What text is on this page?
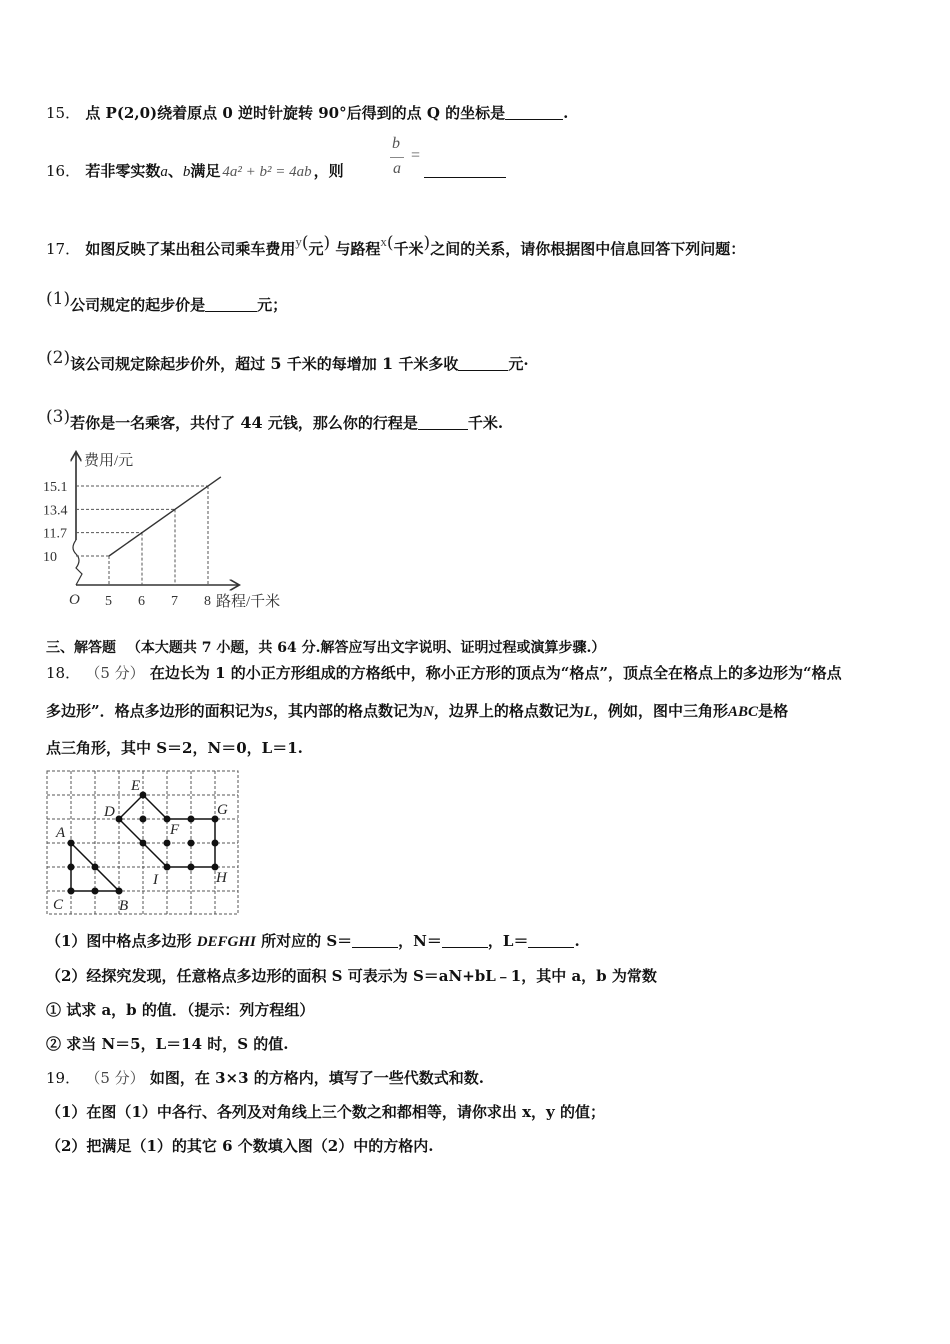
15． 点 P(2,0)绕着原点 0 逆时针旋转 90°后得到的点 Q 的坐标是	.
16． 若非零实数a、b满足 4a² + b² = 4ab ，则
b
a
=
17． 如图反映了某出租公司乘车费用y(元) 与路程x(千米)之间的关系，请你根据图中信息回答下列问题：
(1)公司规定的起步价是	元；
(2)该公司规定除起步价外，超过 5 千米的每增加 1 千米多收	元·
(3)若你是一名乘客，共付了 44 元钱，那么你的行程是	千米.
5
10
6
11.7
7
13.4
8
15.1
费用/元
路程/千米
O
三、解答题 （本大题共 7 小题，共 64 分.解答应写出文字说明、证明过程或演算步骤.）
18． （5 分） 在边长为 1 的小正方形组成的方格纸中，称小正方形的顶点为“格点”，顶点全在格点上的多边形为“格点
多边形”．格点多边形的面积记为S，其内部的格点数记为N，边界上的格点数记为L，例如，图中三角形ABC是格
点三角形，其中 S＝2，N＝0，L＝1.
A
B
C
D
E
F
G
H
I
（1）图中格点多边形 DEFGHI 所对应的 S＝	，N＝	，L＝	.
（2）经探究发现，任意格点多边形的面积 S 可表示为 S＝aN+bL﹣1，其中 a，b 为常数
① 试求 a，b 的值．（提示：列方程组）
② 求当 N＝5，L＝14 时，S 的值.
19． （5 分） 如图，在 3×3 的方格内，填写了一些代数式和数.
（1）在图（1）中各行、各列及对角线上三个数之和都相等，请你求出 x，y 的值；
（2）把满足（1）的其它 6 个数填入图（2）中的方格内.
